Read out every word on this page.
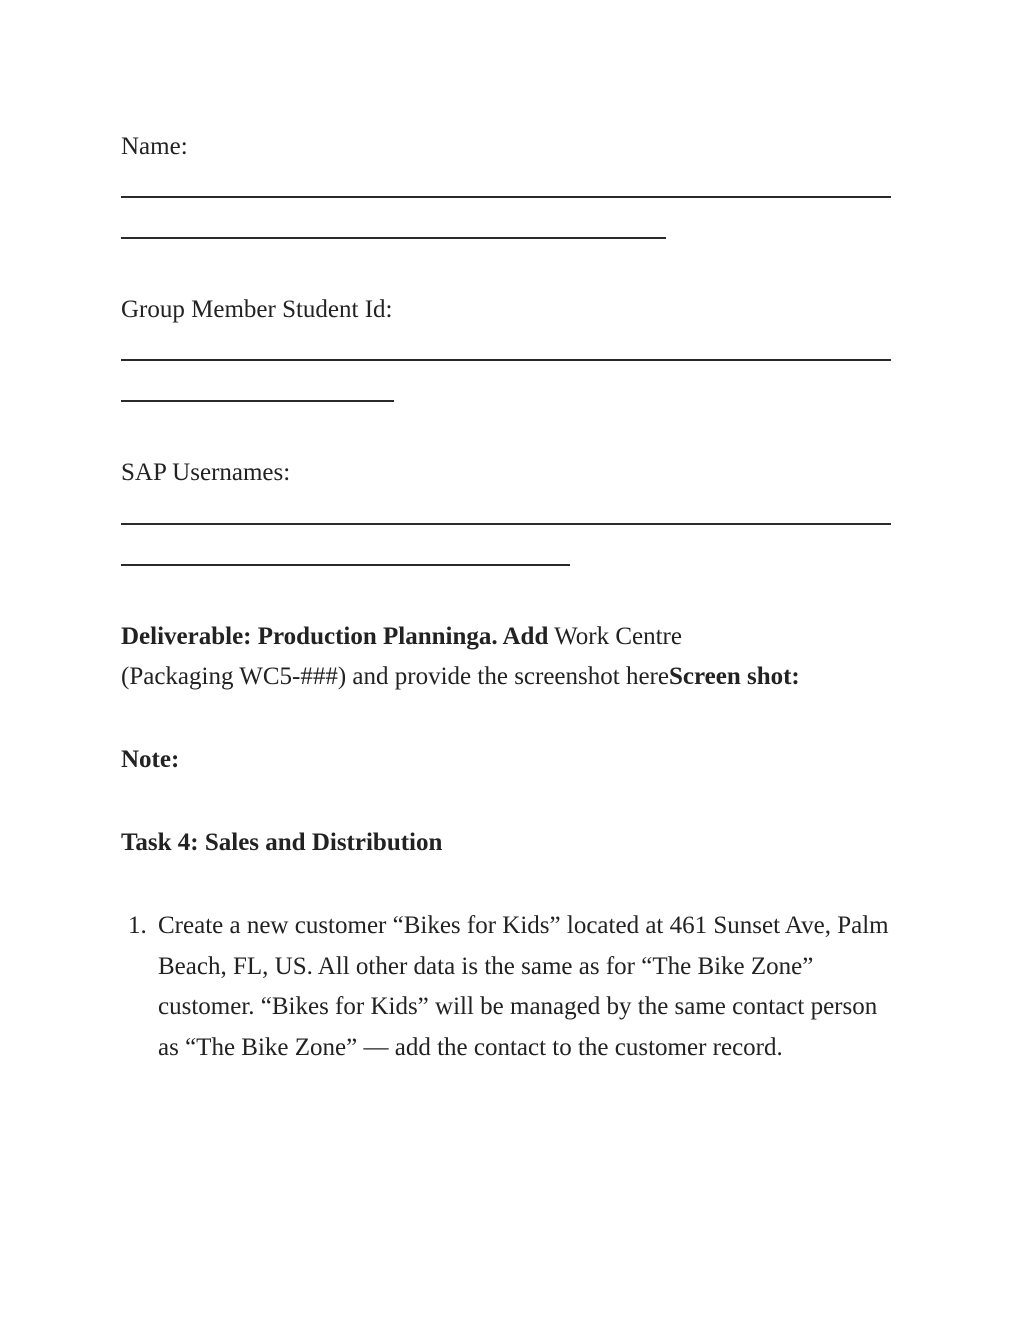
Name:
Group Member Student Id:
SAP Usernames:
Deliverable: Production Planninga. Add Work Centre
(Packaging WC5-###) and provide the screenshot hereScreen shot:
Note:
Task 4: Sales and Distribution
1. Create a new customer “Bikes for Kids” located at 461 Sunset Ave, Palm Beach, FL, US. All other data is the same as for “The Bike Zone” customer. “Bikes for Kids” will be managed by the same contact person as “The Bike Zone” — add the contact to the customer record.
